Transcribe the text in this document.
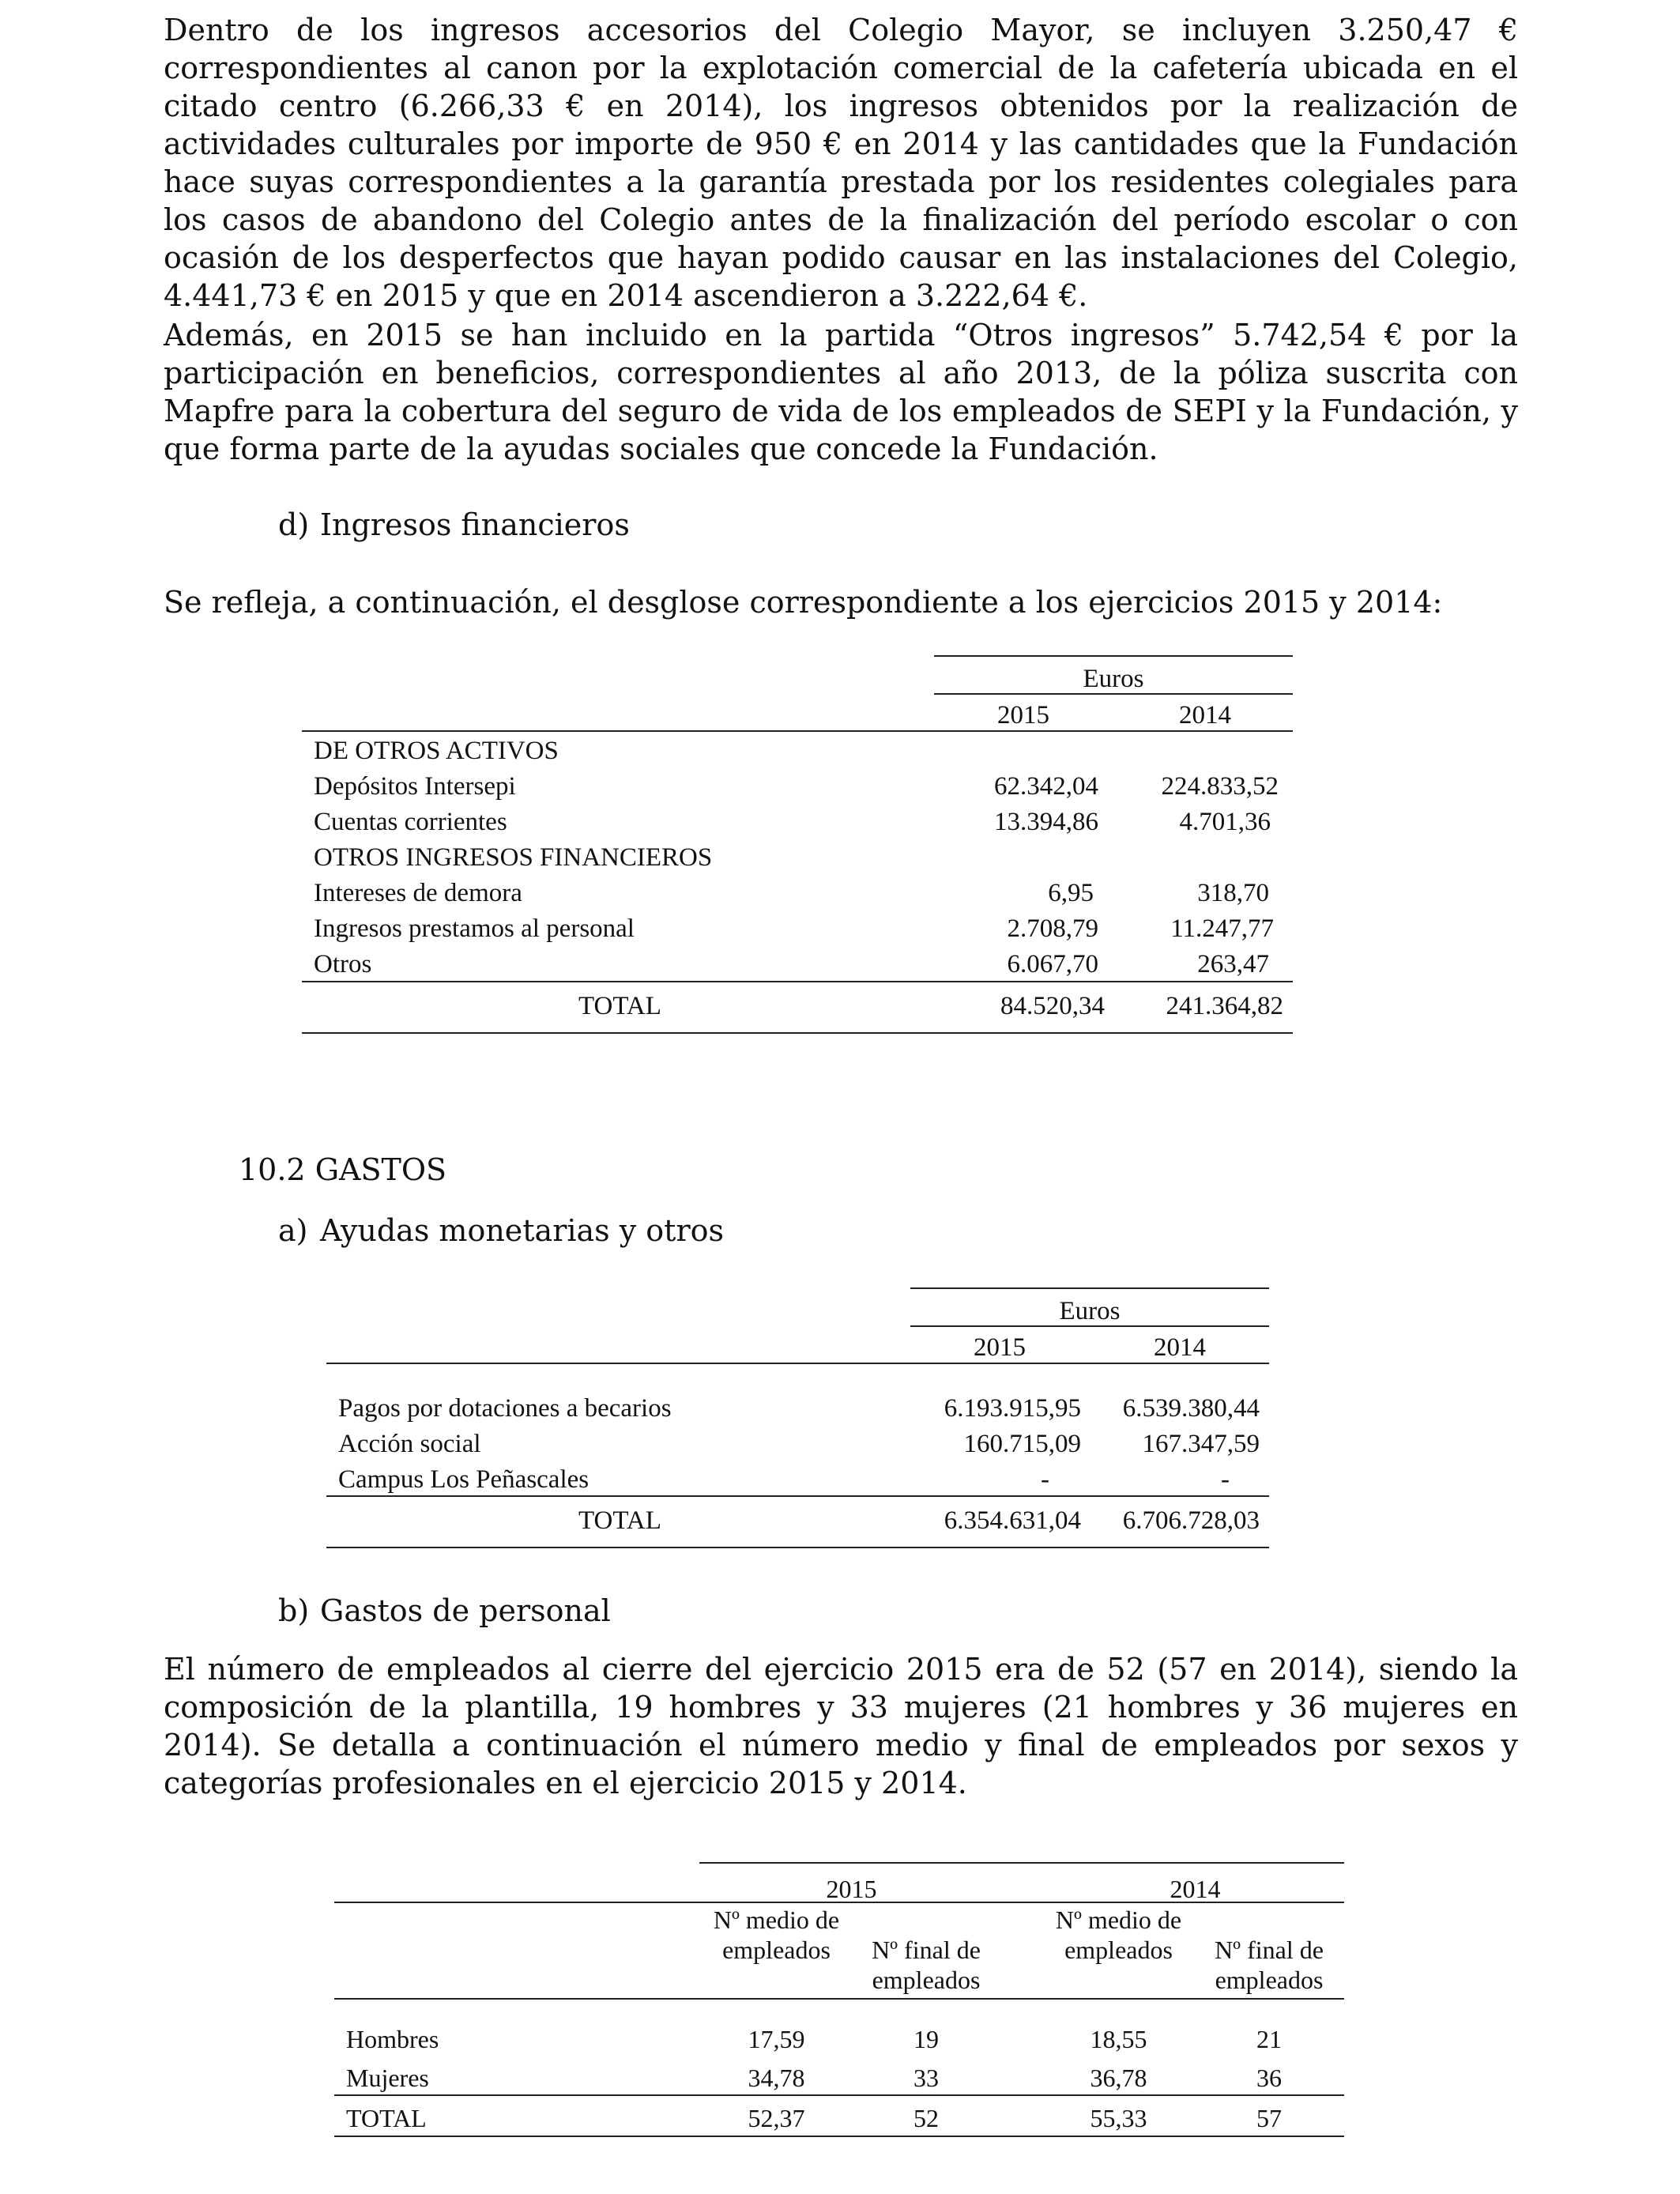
Dentro de los ingresos accesorios del Colegio Mayor, se incluyen 3.250,47 € correspondientes al canon por la explotación comercial de la cafetería ubicada en el citado centro (6.266,33 € en 2014), los ingresos obtenidos por la realización de actividades culturales por importe de 950 € en 2014 y las cantidades que la Fundación hace suyas correspondientes a la garantía prestada por los residentes colegiales para los casos de abandono del Colegio antes de la finalización del período escolar o con ocasión de los desperfectos que hayan podido causar en las instalaciones del Colegio, 4.441,73 € en 2015 y que en 2014 ascendieron a 3.222,64 €.

Además, en 2015 se han incluido en la partida “Otros ingresos” 5.742,54 € por la participación en beneficios, correspondientes al año 2013, de la póliza suscrita con Mapfre para la cobertura del seguro de vida de los empleados de SEPI y la Fundación, y que forma parte de la ayudas sociales que concede la Fundación.

d) Ingresos financieros

Se refleja, a continuación, el desglose correspondiente a los ejercicios 2015 y 2014:

Euros
2015	2014
DE OTROS ACTIVOS
Depósitos Intersepi	62.342,04	224.833,52
Cuentas corrientes	13.394,86	4.701,36
OTROS INGRESOS FINANCIEROS
Intereses de demora	6,95	318,70
Ingresos prestamos al personal	2.708,79	11.247,77
Otros	6.067,70	263,47
TOTAL	84.520,34	241.364,82
10.2 GASTOS
a) Ayudas monetarias y otros
Euros
2015	2014
Pagos por dotaciones a becarios	6.193.915,95	6.539.380,44
Acción social	160.715,09	167.347,59
Campus Los Peñascales	-	-
TOTAL	6.354.631,04	6.706.728,03
b) Gastos de personal

El número de empleados al cierre del ejercicio 2015 era de 52 (57 en 2014), siendo la composición de la plantilla, 19 hombres y 33 mujeres (21 hombres y 36 mujeres en 2014). Se detalla a continuación el número medio y final de empleados por sexos y categorías profesionales en el ejercicio 2015 y 2014.

2015	2014
Nº medio de empleados	Nº final de empleados
Nº medio de empleados	Nº final de empleados
Hombres	17,59	19	18,55	21
Mujeres	34,78	33	36,78	36
TOTAL	52,37	52	55,33	57
